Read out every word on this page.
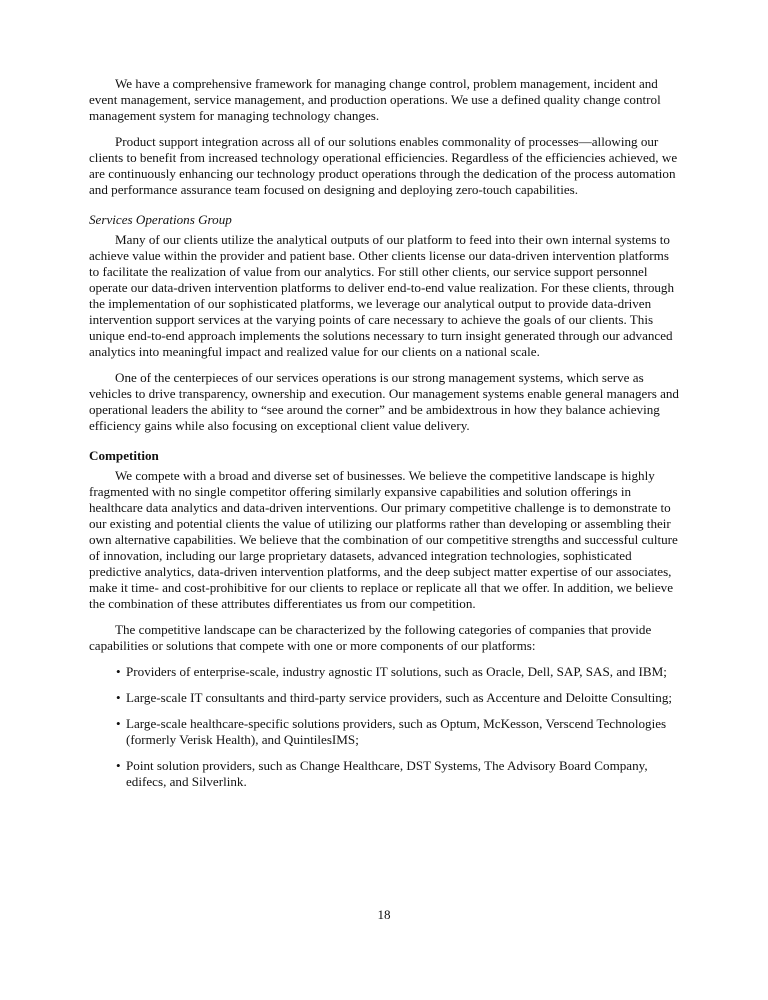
We have a comprehensive framework for managing change control, problem management, incident and event management, service management, and production operations. We use a defined quality change control management system for managing technology changes.

Product support integration across all of our solutions enables commonality of processes—allowing our clients to benefit from increased technology operational efficiencies. Regardless of the efficiencies achieved, we are continuously enhancing our technology product operations through the dedication of the process automation and performance assurance team focused on designing and deploying zero-touch capabilities.

Services Operations Group

Many of our clients utilize the analytical outputs of our platform to feed into their own internal systems to achieve value within the provider and patient base. Other clients license our data-driven intervention platforms to facilitate the realization of value from our analytics. For still other clients, our service support personnel operate our data-driven intervention platforms to deliver end-to-end value realization. For these clients, through the implementation of our sophisticated platforms, we leverage our analytical output to provide data-driven intervention support services at the varying points of care necessary to achieve the goals of our clients. This unique end-to-end approach implements the solutions necessary to turn insight generated through our advanced analytics into meaningful impact and realized value for our clients on a national scale.

One of the centerpieces of our services operations is our strong management systems, which serve as vehicles to drive transparency, ownership and execution. Our management systems enable general managers and operational leaders the ability to “see around the corner” and be ambidextrous in how they balance achieving efficiency gains while also focusing on exceptional client value delivery.

Competition

We compete with a broad and diverse set of businesses. We believe the competitive landscape is highly fragmented with no single competitor offering similarly expansive capabilities and solution offerings in healthcare data analytics and data-driven interventions. Our primary competitive challenge is to demonstrate to our existing and potential clients the value of utilizing our platforms rather than developing or assembling their own alternative capabilities. We believe that the combination of our competitive strengths and successful culture of innovation, including our large proprietary datasets, advanced integration technologies, sophisticated predictive analytics, data-driven intervention platforms, and the deep subject matter expertise of our associates, make it time- and cost-prohibitive for our clients to replace or replicate all that we offer. In addition, we believe the combination of these attributes differentiates us from our competition.

The competitive landscape can be characterized by the following categories of companies that provide capabilities or solutions that compete with one or more components of our platforms:

• Providers of enterprise-scale, industry agnostic IT solutions, such as Oracle, Dell, SAP, SAS, and IBM;
• Large-scale IT consultants and third-party service providers, such as Accenture and Deloitte Consulting;
• Large-scale healthcare-specific solutions providers, such as Optum, McKesson, Verscend Technologies (formerly Verisk Health), and QuintilesIMS;
• Point solution providers, such as Change Healthcare, DST Systems, The Advisory Board Company, edifecs, and Silverlink.
18
